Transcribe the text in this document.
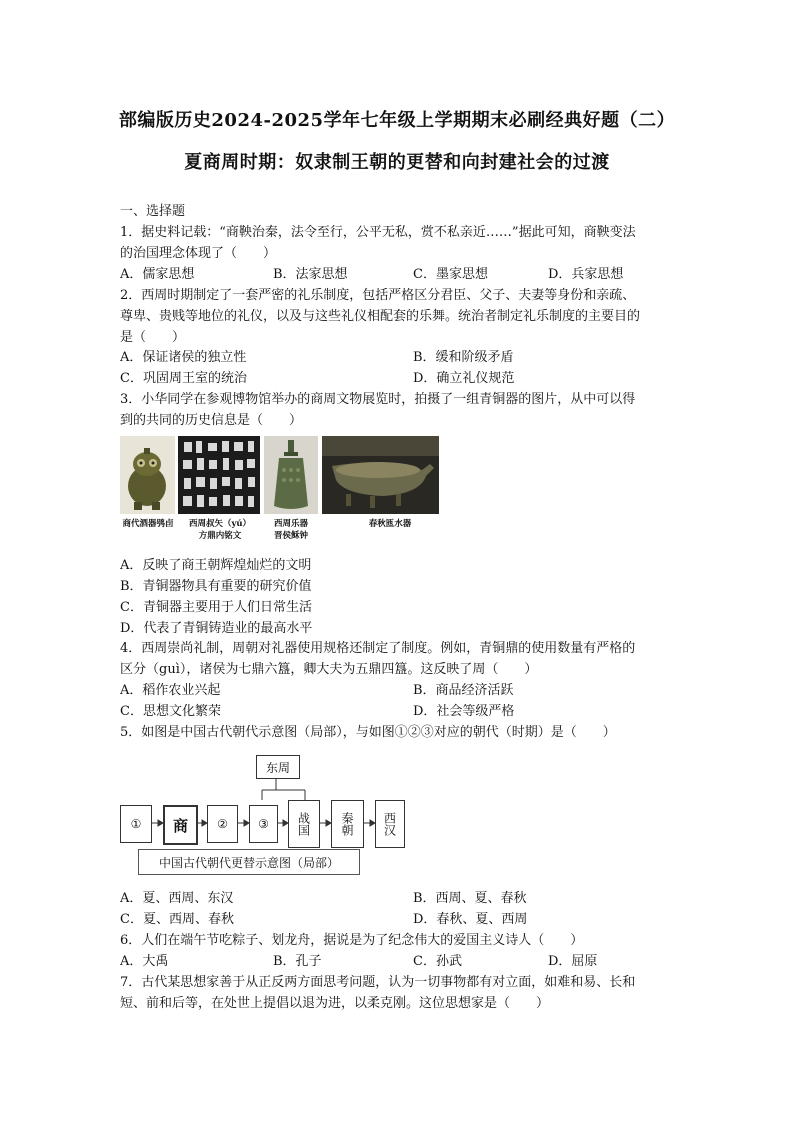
部编版历史2024-2025学年七年级上学期期末必刷经典好题（二）
夏商周时期：奴隶制王朝的更替和向封建社会的过渡
一、选择题
1．据史料记载：“商鞅治秦，法令至行，公平无私，赏不私亲近……”据此可知，商鞅变法
的治国理念体现了（　　）
A．儒家思想	B．法家思想	C．墨家思想	D．兵家思想
2．西周时期制定了一套严密的礼乐制度，包括严格区分君臣、父子、夫妻等身份和亲疏、
尊卑、贵贱等地位的礼仪，以及与这些礼仪相配套的乐舞。统治者制定礼乐制度的主要目的
是（　　）
A．保证诸侯的独立性	B．缓和阶级矛盾
C．巩固周王室的统治	D．确立礼仪规范
3．小华同学在参观博物馆举办的商周文物展览时，拍摄了一组青铜器的图片，从中可以得
到的共同的历史信息是（　　）
商代酒器鸮卣	西周叔矢（yú）
方鼎内铭文
西周乐器
晋侯稣钟
春秋匜水器
A．反映了商王朝辉煌灿烂的文明
B．青铜器物具有重要的研究价值
C．青铜器主要用于人们日常生活
D．代表了青铜铸造业的最高水平
4．西周崇尚礼制，周朝对礼器使用规格还制定了制度。例如，青铜鼎的使用数量有严格的
区分（guì），诸侯为七鼎六簋，卿大夫为五鼎四簋。这反映了周（　　）
A．稻作农业兴起	B．商品经济活跃
C．思想文化繁荣	D．社会等级严格
5．如图是中国古代朝代示意图（局部），与如图①②③对应的朝代（时期）是（　　）
东周
①	商	②	③	战国	秦朝	西汉
中国古代朝代更替示意图（局部）
A．夏、西周、东汉	B．西周、夏、春秋
C．夏、西周、春秋	D．春秋、夏、西周
6．人们在端午节吃粽子、划龙舟，据说是为了纪念伟大的爱国主义诗人（　　）
A．大禹	B．孔子	C．孙武	D．屈原
7．古代某思想家善于从正反两方面思考问题，认为一切事物都有对立面，如难和易、长和
短、前和后等，在处世上提倡以退为进，以柔克刚。这位思想家是（　　）
